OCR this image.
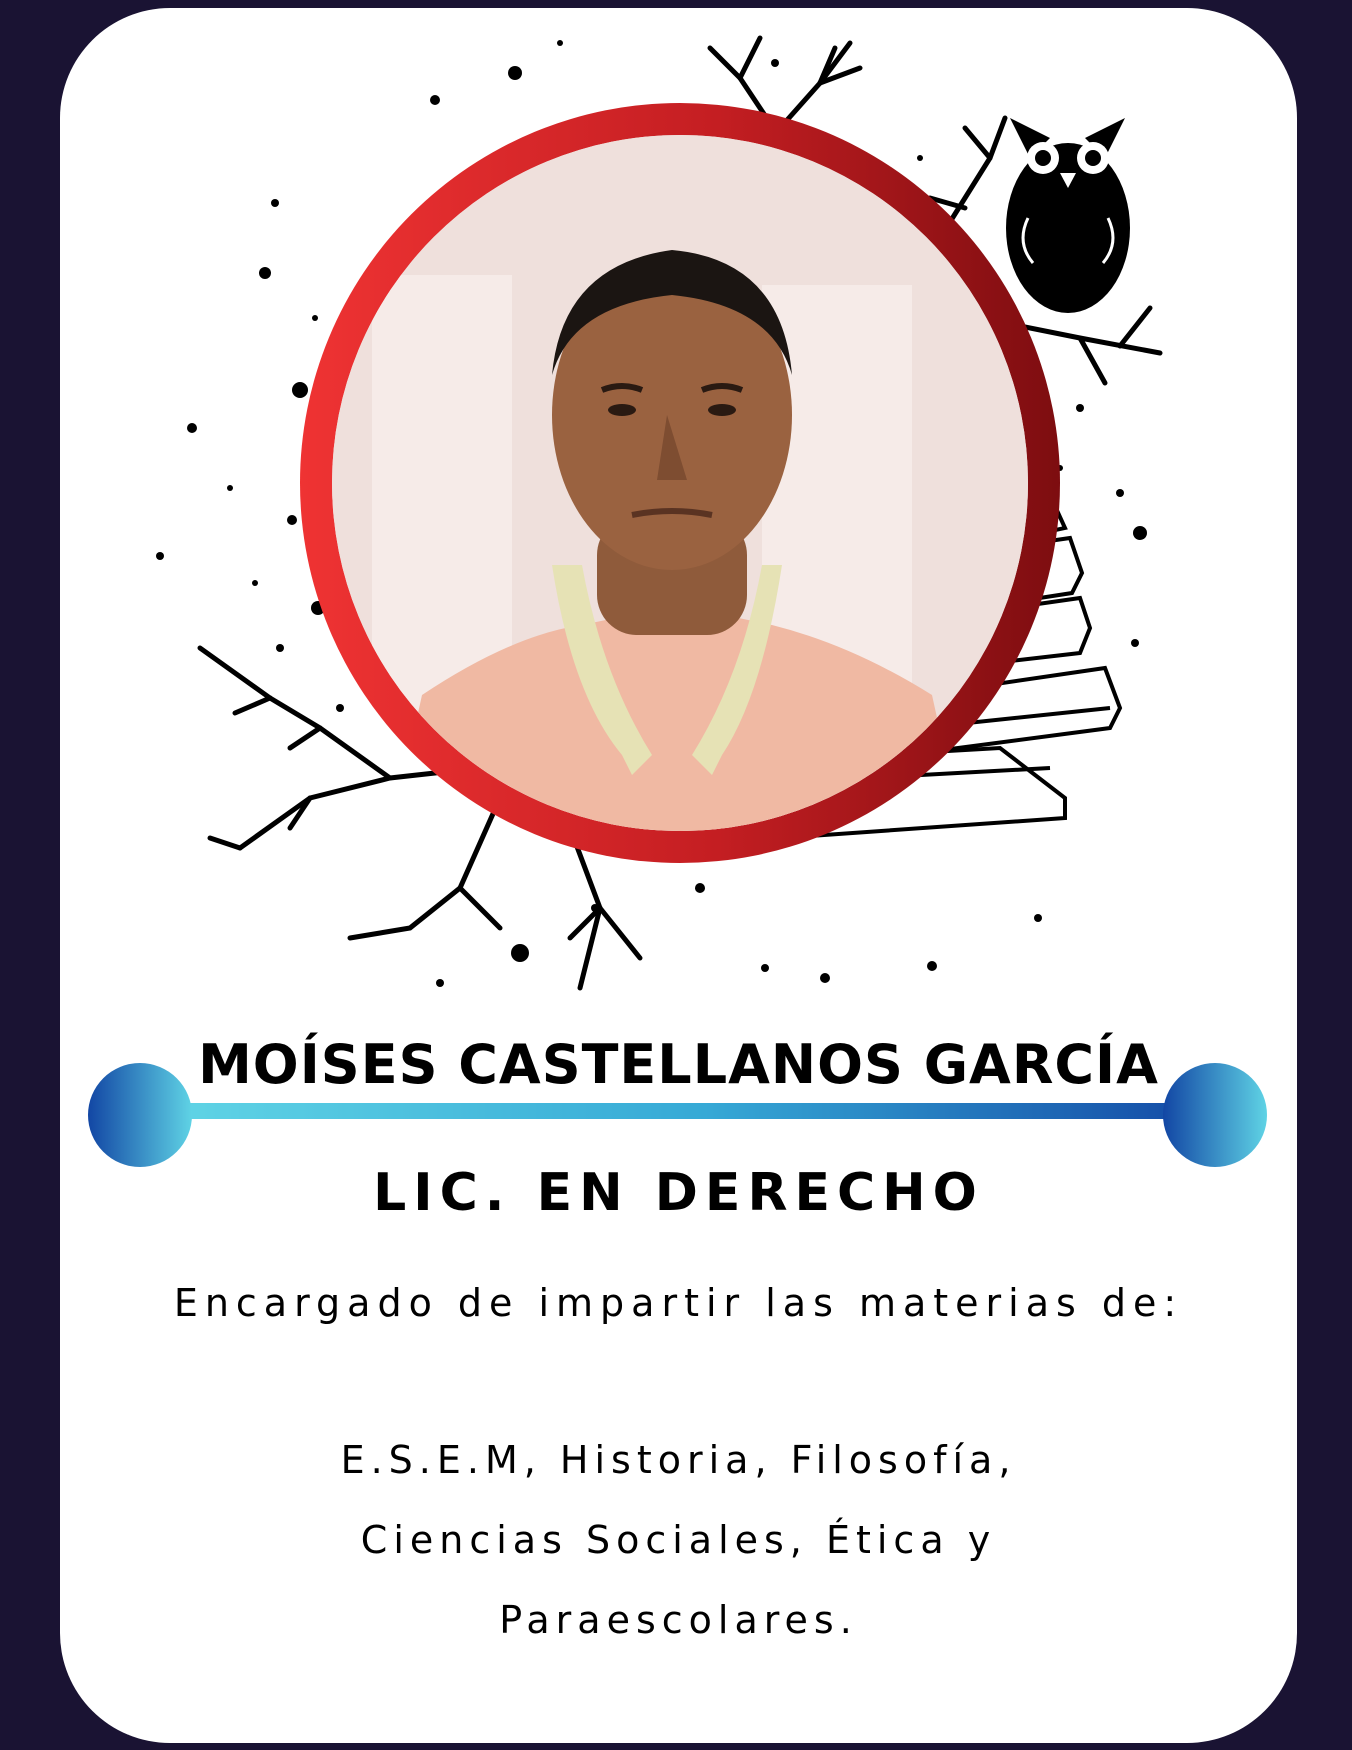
MOÍSES CASTELLANOS GARCÍA
LIC. EN DERECHO

Encargado de impartir las materias de:

E.S.E.M, Historia, Filosofía, Ciencias Sociales, Ética y Paraescolares.
